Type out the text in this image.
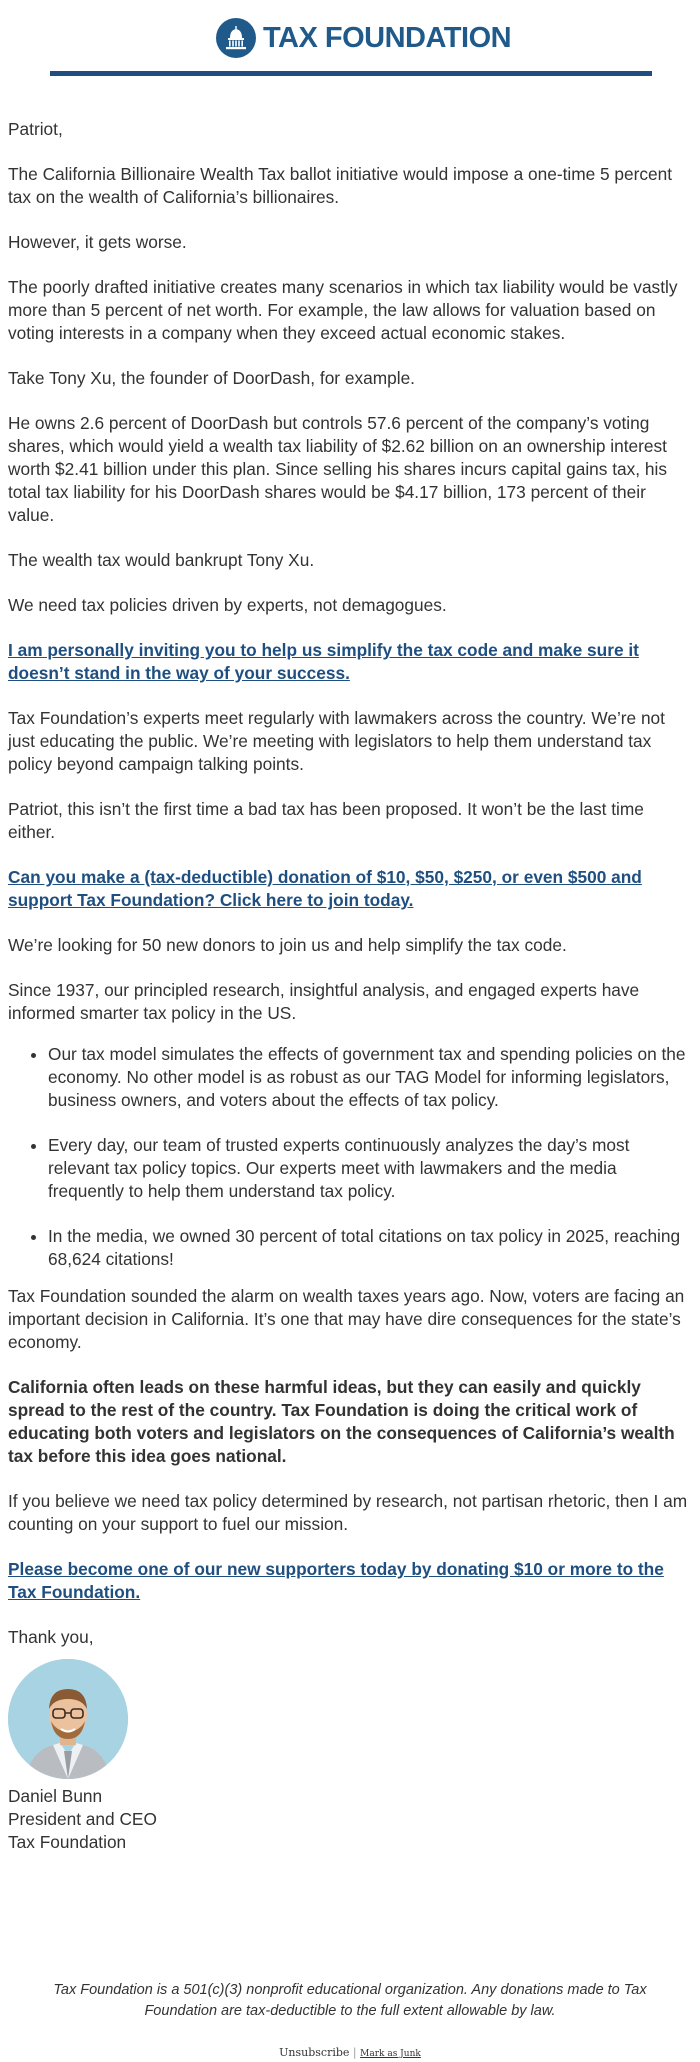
TAX FOUNDATION

Patriot,

The California Billionaire Wealth Tax ballot initiative would impose a one-time 5 percent tax on the wealth of California’s billionaires.

However, it gets worse.

The poorly drafted initiative creates many scenarios in which tax liability would be vastly more than 5 percent of net worth. For example, the law allows for valuation based on voting interests in a company when they exceed actual economic stakes.

Take Tony Xu, the founder of DoorDash, for example.

He owns 2.6 percent of DoorDash but controls 57.6 percent of the company’s voting shares, which would yield a wealth tax liability of $2.62 billion on an ownership interest worth $2.41 billion under this plan. Since selling his shares incurs capital gains tax, his total tax liability for his DoorDash shares would be $4.17 billion, 173 percent of their value.

The wealth tax would bankrupt Tony Xu.

We need tax policies driven by experts, not demagogues.

I am personally inviting you to help us simplify the tax code and make sure it doesn’t stand in the way of your success.

Tax Foundation’s experts meet regularly with lawmakers across the country. We’re not just educating the public. We’re meeting with legislators to help them understand tax policy beyond campaign talking points.

Patriot, this isn’t the first time a bad tax has been proposed. It won’t be the last time either.

Can you make a (tax-deductible) donation of $10, $50, $250, or even $500 and support Tax Foundation? Click here to join today.

We’re looking for 50 new donors to join us and help simplify the tax code.

Since 1937, our principled research, insightful analysis, and engaged experts have informed smarter tax policy in the US.

• Our tax model simulates the effects of government tax and spending policies on the economy. No other model is as robust as our TAG Model for informing legislators, business owners, and voters about the effects of tax policy.
• Every day, our team of trusted experts continuously analyzes the day’s most relevant tax policy topics. Our experts meet with lawmakers and the media frequently to help them understand tax policy.
• In the media, we owned 30 percent of total citations on tax policy in 2025, reaching 68,624 citations!

Tax Foundation sounded the alarm on wealth taxes years ago. Now, voters are facing an important decision in California. It’s one that may have dire consequences for the state’s economy.

California often leads on these harmful ideas, but they can easily and quickly spread to the rest of the country. Tax Foundation is doing the critical work of educating both voters and legislators on the consequences of California’s wealth tax before this idea goes national.

If you believe we need tax policy determined by research, not partisan rhetoric, then I am counting on your support to fuel our mission.

Please become one of our new supporters today by donating $10 or more to the Tax Foundation.

Thank you,

Daniel Bunn
President and CEO
Tax Foundation
Tax Foundation is a 501(c)(3) nonprofit educational organization. Any donations made to Tax Foundation are tax-deductible to the full extent allowable by law.
Unsubscribe | Mark as Junk
